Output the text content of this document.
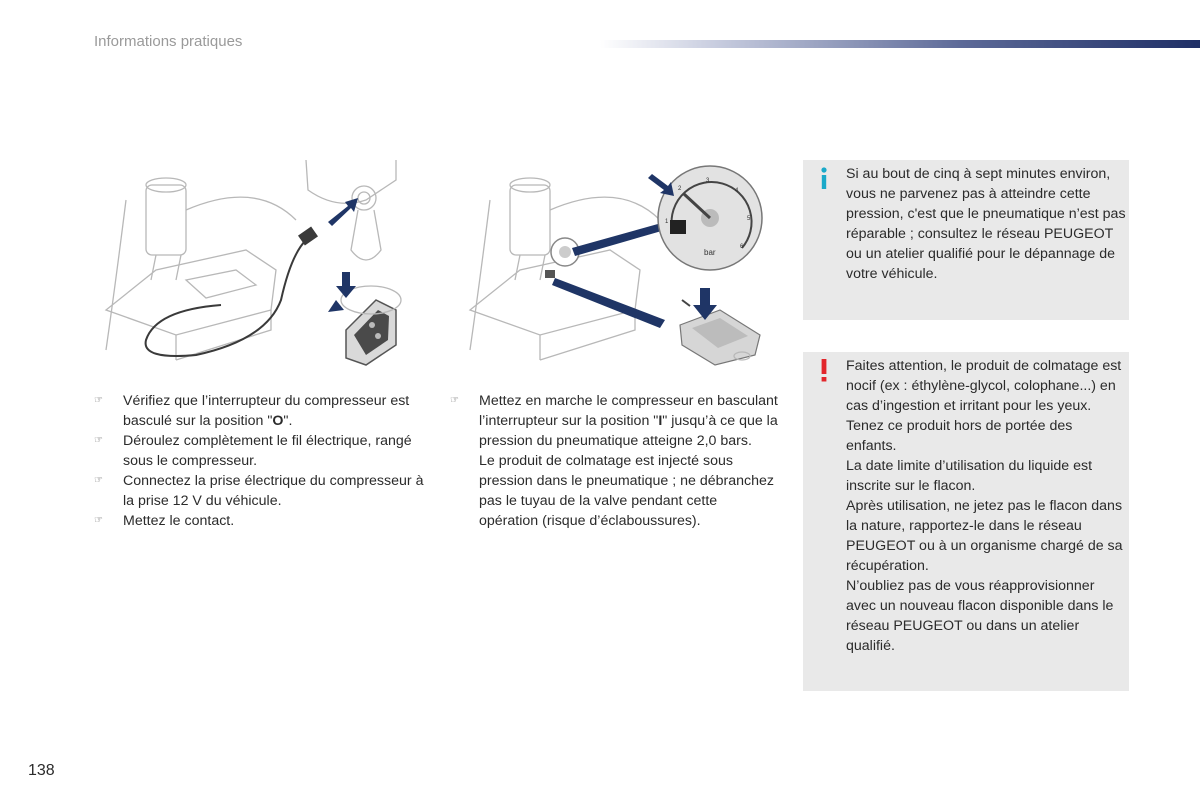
Informations pratiques
bar
1
2
3
4
5
6
☞ Vérifiez que l’interrupteur du compresseur est basculé sur la position "O".
☞ Déroulez complètement le fil électrique, rangé sous le compresseur.
☞ Connectez la prise électrique du compresseur à la prise 12 V du véhicule.
☞ Mettez le contact.
☞ Mettez en marche le compresseur en basculant l’interrupteur sur la position "I" jusqu’à ce que la pression du pneumatique atteigne 2,0 bars.
Le produit de colmatage est injecté sous pression dans le pneumatique ; ne débranchez pas le tuyau de la valve pendant cette opération (risque d’éclaboussures).
Si au bout de cinq à sept minutes environ, vous ne parvenez pas à atteindre cette pression, c'est que le pneumatique n’est pas réparable ; consultez le réseau PEUGEOT ou un atelier qualifié pour le dépannage de votre véhicule.
Faites attention, le produit de colmatage est nocif (ex : éthylène-glycol, colophane...) en cas d’ingestion et irritant pour les yeux.
Tenez ce produit hors de portée des enfants.
La date limite d’utilisation du liquide est inscrite sur le flacon.
Après utilisation, ne jetez pas le flacon dans la nature, rapportez-le dans le réseau PEUGEOT ou à un organisme chargé de sa récupération.
N’oubliez pas de vous réapprovisionner avec un nouveau flacon disponible dans le réseau PEUGEOT ou dans un atelier qualifié.
138
